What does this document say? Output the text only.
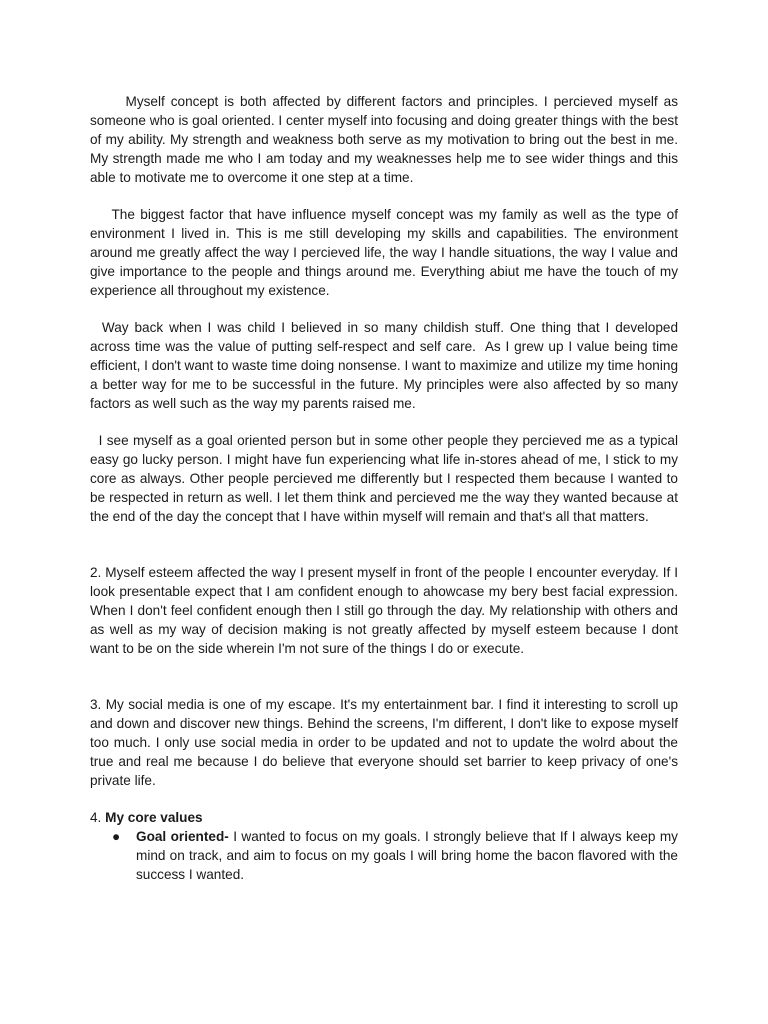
Myself concept is both affected by different factors and principles. I percieved myself as someone who is goal oriented. I center myself into focusing and doing greater things with the best of my ability. My strength and weakness both serve as my motivation to bring out the best in me. My strength made me who I am today and my weaknesses help me to see wider things and this able to motivate me to overcome it one step at a time.

The biggest factor that have influence myself concept was my family as well as the type of environment I lived in. This is me still developing my skills and capabilities. The environment around me greatly affect the way I percieved life, the way I handle situations, the way I value and give importance to the people and things around me. Everything abiut me have the touch of my experience all throughout my existence.

Way back when I was child I believed in so many childish stuff. One thing that I developed across time was the value of putting self-respect and self care.  As I grew up I value being time efficient, I don't want to waste time doing nonsense. I want to maximize and utilize my time honing a better way for me to be successful in the future. My principles were also affected by so many factors as well such as the way my parents raised me.

I see myself as a goal oriented person but in some other people they percieved me as a typical easy go lucky person. I might have fun experiencing what life in-stores ahead of me, I stick to my core as always. Other people percieved me differently but I respected them because I wanted to be respected in return as well. I let them think and percieved me the way they wanted because at the end of the day the concept that I have within myself will remain and that's all that matters.

2. Myself esteem affected the way I present myself in front of the people I encounter everyday. If I look presentable expect that I am confident enough to ahowcase my bery best facial expression. When I don't feel confident enough then I still go through the day. My relationship with others and as well as my way of decision making is not greatly affected by myself esteem because I dont want to be on the side wherein I'm not sure of the things I do or execute.

3. My social media is one of my escape. It's my entertainment bar. I find it interesting to scroll up and down and discover new things. Behind the screens, I'm different, I don't like to expose myself too much. I only use social media in order to be updated and not to update the wolrd about the true and real me because I do believe that everyone should set barrier to keep privacy of one's private life.

4. My core values

● Goal oriented- I wanted to focus on my goals. I strongly believe that If I always keep my mind on track, and aim to focus on my goals I will bring home the bacon flavored with the success I wanted.
